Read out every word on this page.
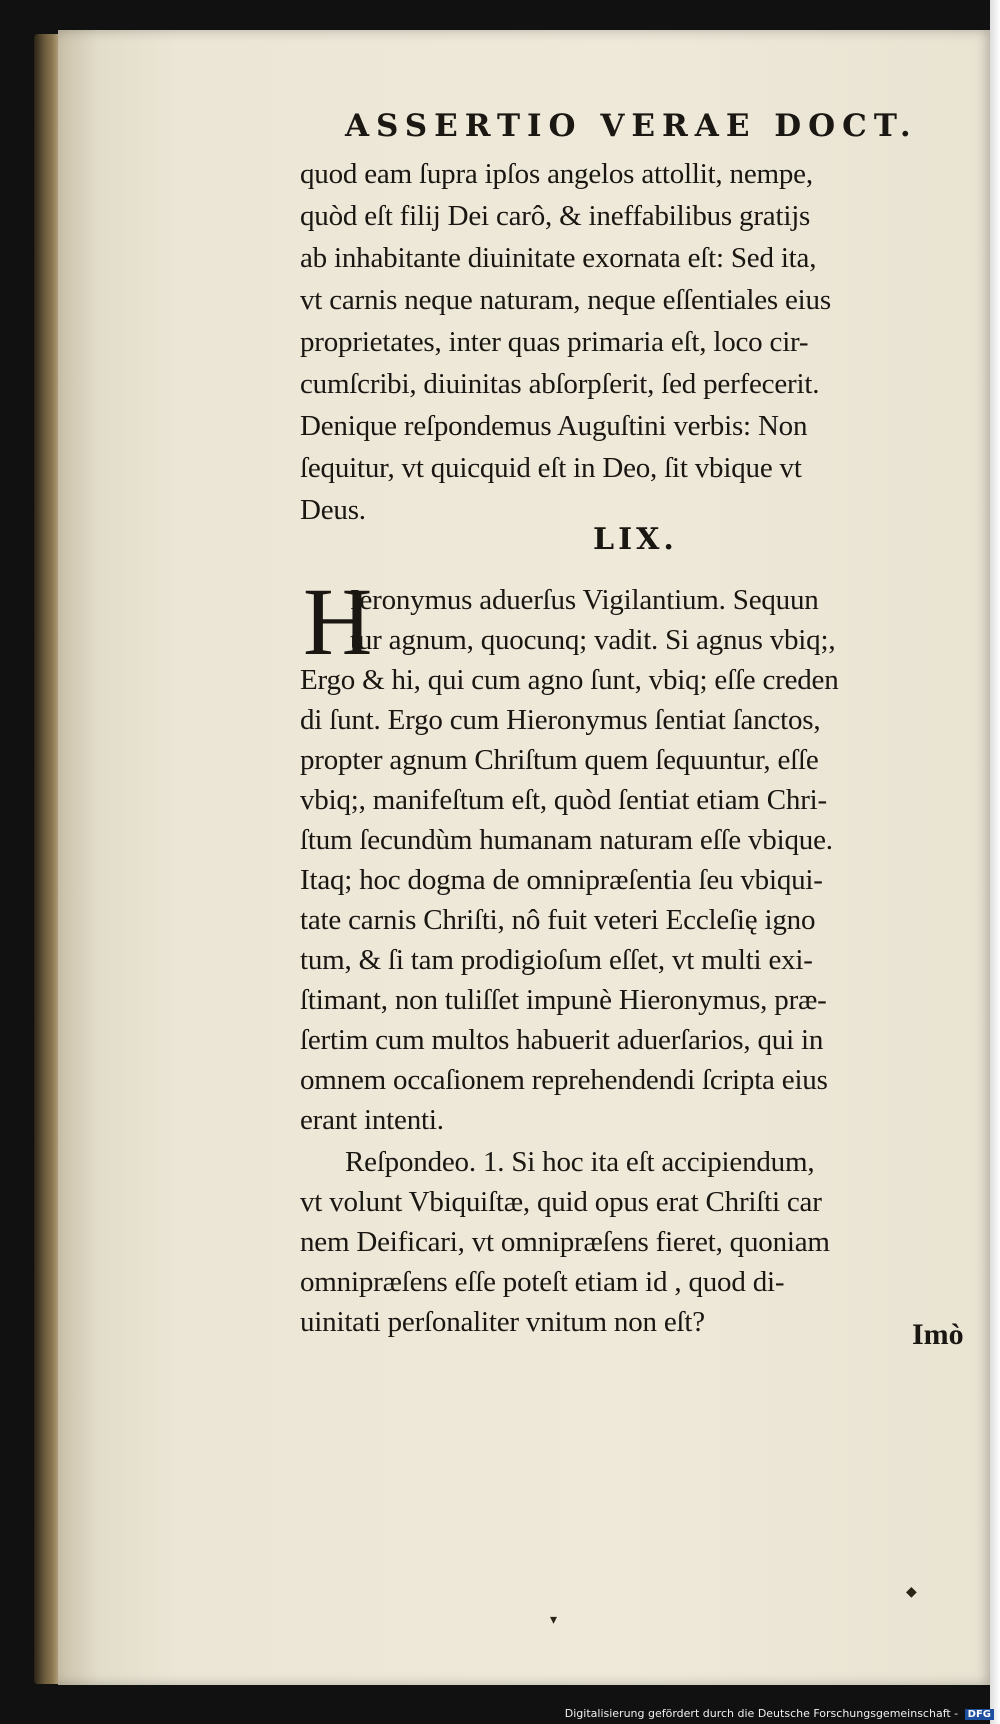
ASSERTIO VERAE DOCT.
quod eam ſupra ipſos angelos attollit, nempe,
quòd eſt filij Dei carô, & ineffabilibus gratijs
ab inhabitante diuinitate exornata eſt: Sed ita,
vt carnis neque naturam, neque eſſentiales eius
proprietates, inter quas primaria eſt, loco cir-
cumſcribi, diuinitas abſorpſerit, ſed perfecerit.
Denique reſpondemus Auguſtini verbis: Non
ſequitur, vt quicquid eſt in Deo, ſit vbique vt
Deus.
LIX.
H
Ieronymus aduerſus Vigilantium. Sequun
tur agnum, quocunq; vadit. Si agnus vbiq;,
Ergo & hi, qui cum agno ſunt, vbiq; eſſe creden
di ſunt. Ergo cum Hieronymus ſentiat ſanctos,
propter agnum Chriſtum quem ſequuntur, eſſe
vbiq;, manifeſtum eſt, quòd ſentiat etiam Chri-
ſtum ſecundùm humanam naturam eſſe vbique.
Itaq; hoc dogma de omnipræſentia ſeu vbiqui-
tate carnis Chriſti, nô fuit veteri Eccleſię igno
tum, & ſi tam prodigioſum eſſet, vt multi exi-
ſtimant, non tuliſſet impunè Hieronymus, præ-
ſertim cum multos habuerit aduerſarios, qui in
omnem occaſionem reprehendendi ſcripta eius
erant intenti.
Reſpondeo. 1. Si hoc ita eſt accipiendum,
vt volunt Vbiquiſtæ, quid opus erat Chriſti car
nem Deificari, vt omnipræſens fieret, quoniam
omnipræſens eſſe poteſt etiam id , quod di-
uinitati perſonaliter vnitum non eſt?	Imò
◆
▾
Digitalisierung gefördert durch die Deutsche Forschungsgemeinschaft - DFG
